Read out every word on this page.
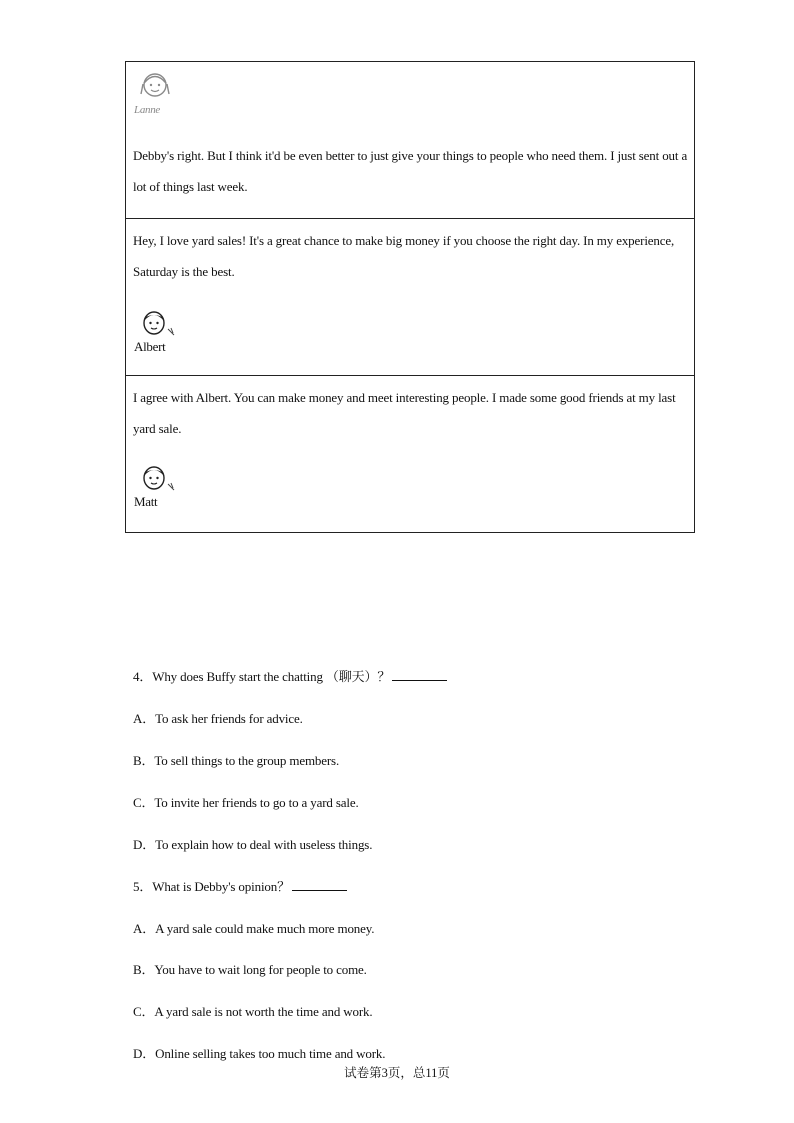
Lanne

Debby's right. But I think it'd be even better to just give your things to people who need them. I just sent out a lot of things last week.

Hey, I love yard sales! It's a great chance to make big money if you choose the right day. In my experience, Saturday is the best.

Albert

I agree with Albert. You can make money and meet interesting people. I made some good friends at my last yard sale.

Matt
4．Why does Buffy start the chatting （聊天）？
A．To ask her friends for advice.
B．To sell things to the group members.
C．To invite her friends to go to a yard sale.
D．To explain how to deal with useless things.
5．What is Debby's opinion？
A．A yard sale could make much more money.
B．You have to wait long for people to come.
C．A yard sale is not worth the time and work.
D．Online selling takes too much time and work.
试卷第3页，总11页
